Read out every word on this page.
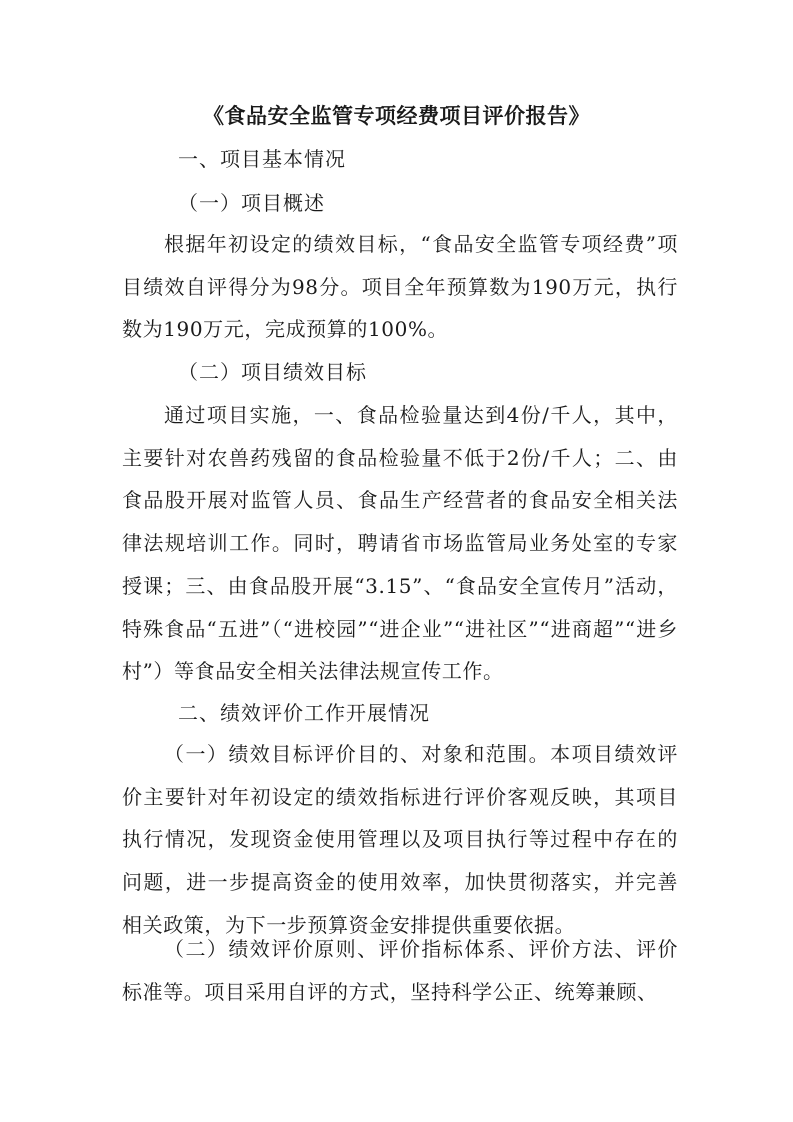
《食品安全监管专项经费项目评价报告》
一、项目基本情况
（一）项目概述
根据年初设定的绩效目标，“食品安全监管专项经费”项目绩效自评得分为98分。项目全年预算数为190万元，执行数为190万元，完成预算的100%。
（二）项目绩效目标
通过项目实施，一、食品检验量达到4份/千人，其中，主要针对农兽药残留的食品检验量不低于2份/千人；二、由食品股开展对监管人员、食品生产经营者的食品安全相关法律法规培训工作。同时，聘请省市场监管局业务处室的专家授课；三、由食品股开展“3.15”、“食品安全宣传月”活动，特殊食品“五进”（“进校园”“进企业”“进社区”“进商超”“进乡村”）等食品安全相关法律法规宣传工作。
二、绩效评价工作开展情况
（一）绩效目标评价目的、对象和范围。本项目绩效评价主要针对年初设定的绩效指标进行评价客观反映，其项目执行情况，发现资金使用管理以及项目执行等过程中存在的问题，进一步提高资金的使用效率，加快贯彻落实，并完善相关政策，为下一步预算资金安排提供重要依据。
（二）绩效评价原则、评价指标体系、评价方法、评价标准等。项目采用自评的方式，坚持科学公正、统筹兼顾、
